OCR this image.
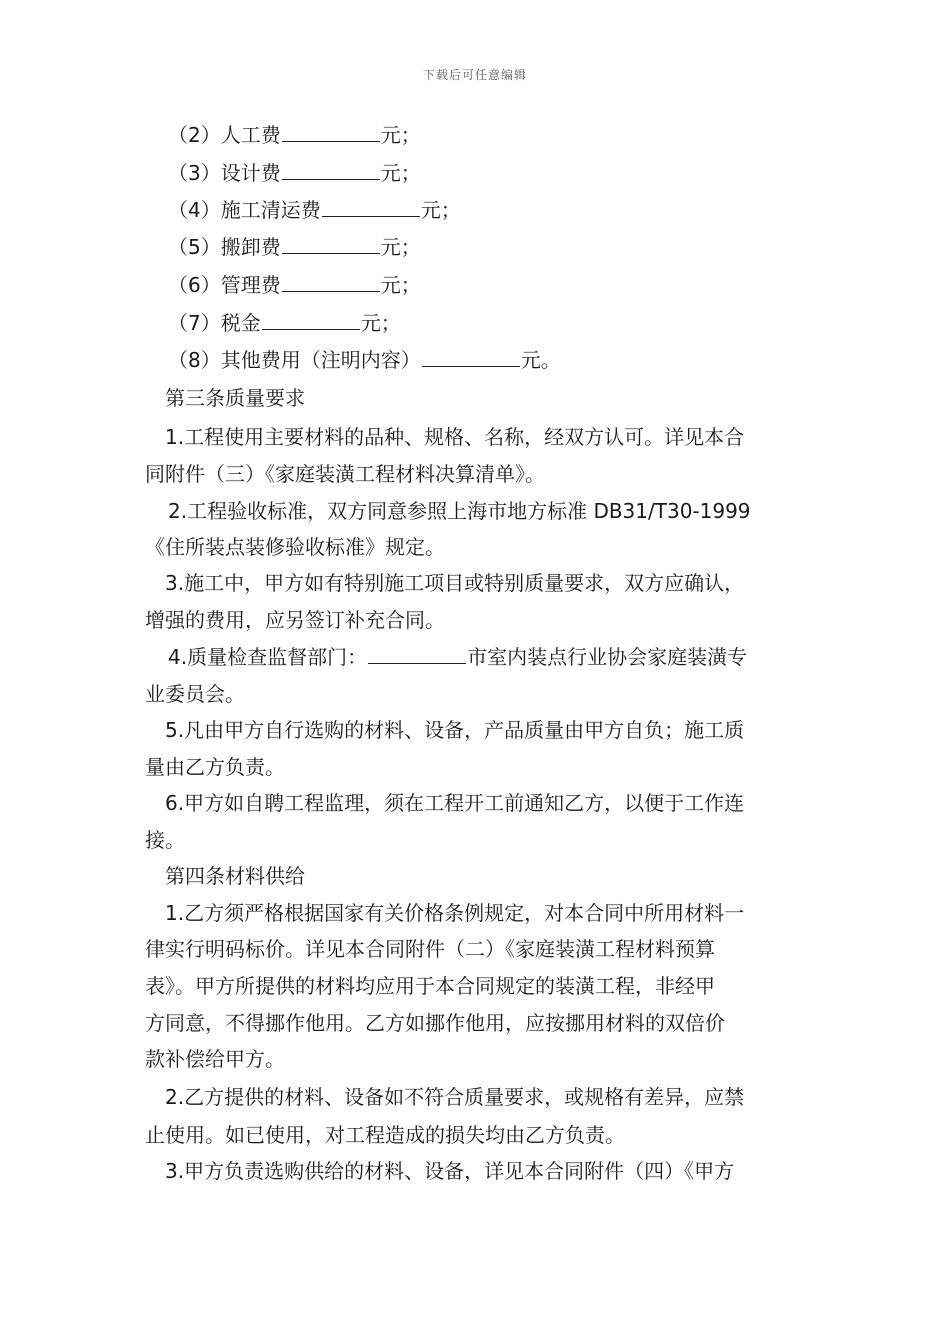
下载后可任意编辑
（2）人工费	元；
（3）设计费	元；
（4）施工清运费	元；
（5）搬卸费	元；
（6）管理费	元；
（7）税金	元；
（8）其他费用（注明内容）	元。
第三条质量要求
1.工程使用主要材料的品种、规格、名称，经双方认可。详见本合
同附件（三）《家庭装潢工程材料决算清单》。
2.工程验收标准，双方同意参照上海市地方标准 DB31/T30-1999
《住所装点装修验收标准》规定。
3.施工中，甲方如有特别施工项目或特别质量要求，双方应确认，
增强的费用，应另签订补充合同。
4.质量检查监督部门：	市室内装点行业协会家庭装潢专
业委员会。
5.凡由甲方自行选购的材料、设备，产品质量由甲方自负；施工质
量由乙方负责。
6.甲方如自聘工程监理，须在工程开工前通知乙方，以便于工作连
接。
第四条材料供给
1.乙方须严格根据国家有关价格条例规定，对本合同中所用材料一
律实行明码标价。详见本合同附件（二）《家庭装潢工程材料预算
表》。甲方所提供的材料均应用于本合同规定的装潢工程，非经甲
方同意，不得挪作他用。乙方如挪作他用，应按挪用材料的双倍价
款补偿给甲方。
2.乙方提供的材料、设备如不符合质量要求，或规格有差异，应禁
止使用。如已使用，对工程造成的损失均由乙方负责。
3.甲方负责选购供给的材料、设备，详见本合同附件（四）《甲方
